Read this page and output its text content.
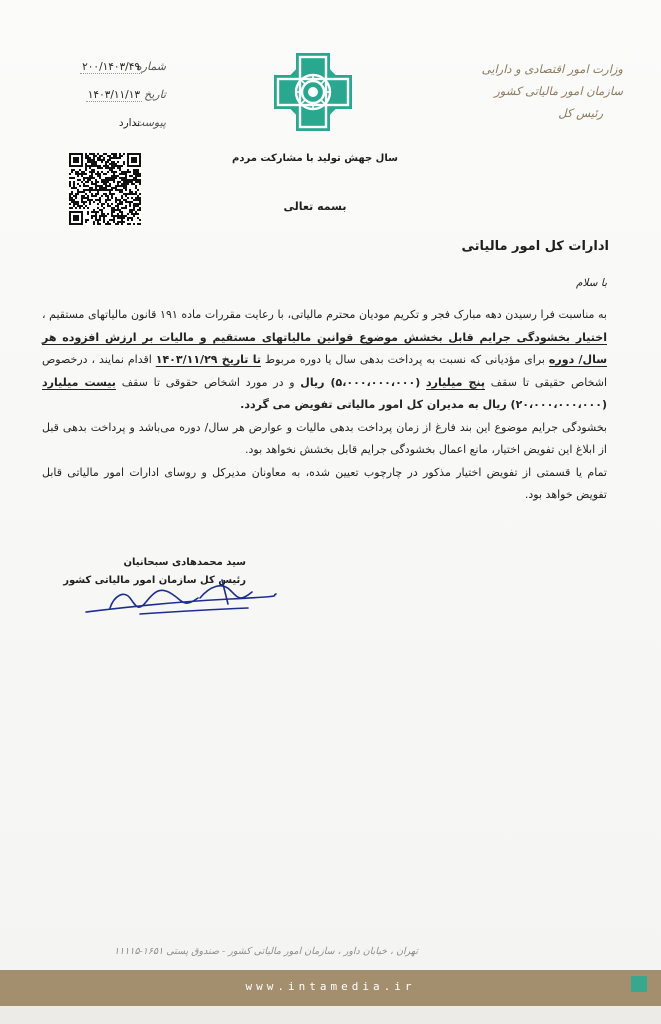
وزارت امور اقتصادی و دارایی
سازمان امور مالیاتی کشور
رئیس کل
سال جهش تولید با مشارکت مردم
شماره
۲۰۰/۱۴۰۳/۴۹
تاریخ
۱۴۰۳/۱۱/۱۳
پیوست
ندارد
بسمه تعالی
ادارات کل امور مالیاتی
با سلام

به مناسبت فرا رسیدن دهه مبارک فجر و تکریم مودیان محترم مالیاتی، با رعایت مقررات ماده ۱۹۱ قانون مالیاتهای مستقیم ، اختیار بخشودگی جرایم قابل بخشش موضوع قوانین مالیاتهای مستقیم و مالیات بر ارزش افزوده هر سال/ دوره برای مؤدیانی که نسبت به پرداخت بدهی سال یا دوره مربوط تا تاریخ ۱۴۰۳/۱۱/۲۹ اقدام نمایند ، درخصوص اشخاص حقیقی تا سقف پنج میلیارد (۵،۰۰۰،۰۰۰،۰۰۰) ریال و در مورد اشخاص حقوقی تا سقف بیست میلیارد (۲۰،۰۰۰،۰۰۰،۰۰۰) ریال به مدیران کل امور مالیاتی تفویض می گردد.

بخشودگی جرایم موضوع این بند فارغ از زمان پرداخت بدهی مالیات و عوارض هر سال/ دوره می‌باشد و پرداخت بدهی قبل از ابلاغ این تفویض اختیار، مانع اعمال بخشودگی جرایم قابل بخشش نخواهد بود.

تمام یا قسمتی از تفویض اختیار مذکور در چارچوب تعیین شده، به معاونان مدیرکل و روسای ادارات امور مالیاتی قابل تفویض خواهد بود.

سید محمدهادی سبحانیان
رئیس کل سازمان امور مالیاتی کشور
تهران ، خیابان داور ، سازمان امور مالیاتی کشور - صندوق پستی ۱۶۵۱-۱۱۱۱۵
www.intamedia.ir
